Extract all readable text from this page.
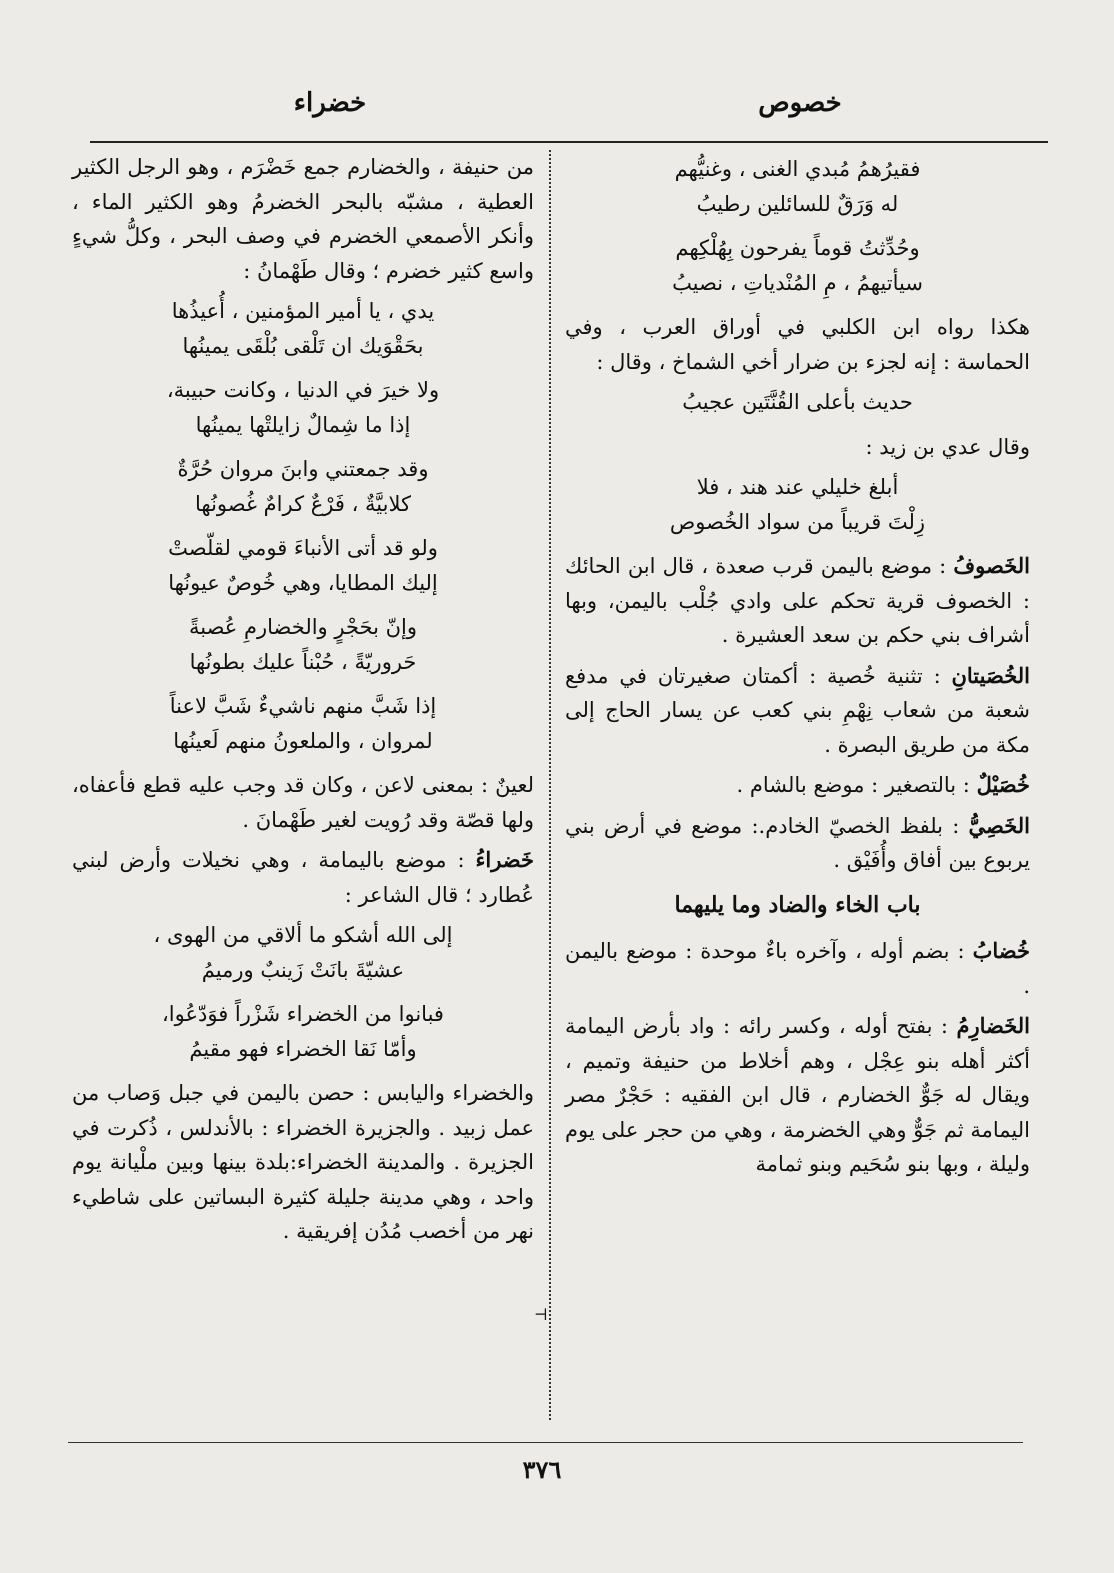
خصوص
خضراء
فقيرُهمُ مُبدي الغنى ، وغنيُّهم
له وَرَقٌ للسائلين رطيبُ
وحُدِّثتُ قوماً يفرحون بِهُلْكِهم
سيأتيهمُ ، مِ المُنْدياتِ ، نصيبُ

هكذا رواه ابن الكلبي في أوراق العرب ، وفي الحماسة : إنه لجزء بن ضرار أخي الشماخ ، وقال :

حديث بأعلى القُنَّتَين عجيبُ

وقال عدي بن زيد :

أبلغ خليلي عند هند ، فلا
زِلْتَ قريباً من سواد الخُصوص

الخَصوفُ : موضع باليمن قرب صعدة ، قال ابن الحائك : الخصوف قرية تحكم على وادي جُلْب باليمن، وبها أشراف بني حكم بن سعد العشيرة .

الخُصَيتانِ : تثنية خُصية : أكمتان صغيرتان في مدفع شعبة من شعاب نِهْمِ بني كعب عن يسار الحاج إلى مكة من طريق البصرة .

خُصَيْلٌ : بالتصغير : موضع بالشام .

الخَصِيُّ : بلفظ الخصيّ الخادم.: موضع في أرض بني يربوع بين أفاق وأُفَيْق .

باب الخاء والضاد وما يليهما

خُضابُ : بضم أوله ، وآخره باءٌ موحدة : موضع باليمن .

الخَضارِمُ : بفتح أوله ، وكسر رائه : واد بأرض اليمامة أكثر أهله بنو عِجْل ، وهم أخلاط من حنيفة وتميم ، ويقال له جَوٌّ الخضارم ، قال ابن الفقيه : حَجْرٌ مصر اليمامة ثم جَوٌّ وهي الخضرمة ، وهي من حجر على يوم وليلة ، وبها بنو سُحَيم وبنو ثمامة

من حنيفة ، والخضارم جمع خَضْرَم ، وهو الرجل الكثير العطية ، مشبّه بالبحر الخضرمُ وهو الكثير الماء ، وأنكر الأصمعي الخضرم في وصف البحر ، وكلُّ شيءٍ واسع كثير خضرم ؛ وقال طَهْمانُ :

يدي ، يا أمير المؤمنين ، أُعيذُها
بحَقْوَيك ان تَلْقى بُلْقَى يمينُها
ولا خيرَ في الدنيا ، وكانت حبيبة،
إذا ما شِمالٌ زايلتْها يمينُها
وقد جمعتني وابنَ مروان حُرَّةٌ
كلابيَّةٌ ، فَرْعٌ كرامٌ غُصونُها
ولو قد أتى الأنباءَ قومي لقلّصتْ
إليك المطايا، وهي خُوصٌ عيونُها
وإنّ بحَجْرٍ والخضارمِ عُصبةً
حَروريّةً ، حُبْناً عليك بطونُها
إذا شَبَّ منهم ناشيءٌ شَبَّ لاعناً
لمروان ، والملعونُ منهم لَعينُها

لعينٌ : بمعنى لاعن ، وكان قد وجب عليه قطع فأعفاه، ولها قصّة وقد رُويت لغير طَهْمانَ .

خَضراءُ : موضع باليمامة ، وهي نخيلات وأرض لبني عُطارد ؛ قال الشاعر :

إلى الله أشكو ما ألاقي من الهوى ،
عشيّةَ بانَتْ زَينبٌ ورميمُ
فبانوا من الخضراء شَزْراً فوَدّعُوا،
وأمّا نَقا الخضراء فهو مقيمُ

والخضراء واليابس : حصن باليمن في جبل وَصاب من عمل زبيد . والجزيرة الخضراء : بالأندلس ، ذُكرت في الجزيرة . والمدينة الخضراء:بلدة بينها وبين ملْيانة يوم واحد ، وهي مدينة جليلة كثيرة البساتين على شاطيء نهر من أخصب مُدُن إفريقية .

⊣
٣٧٦
